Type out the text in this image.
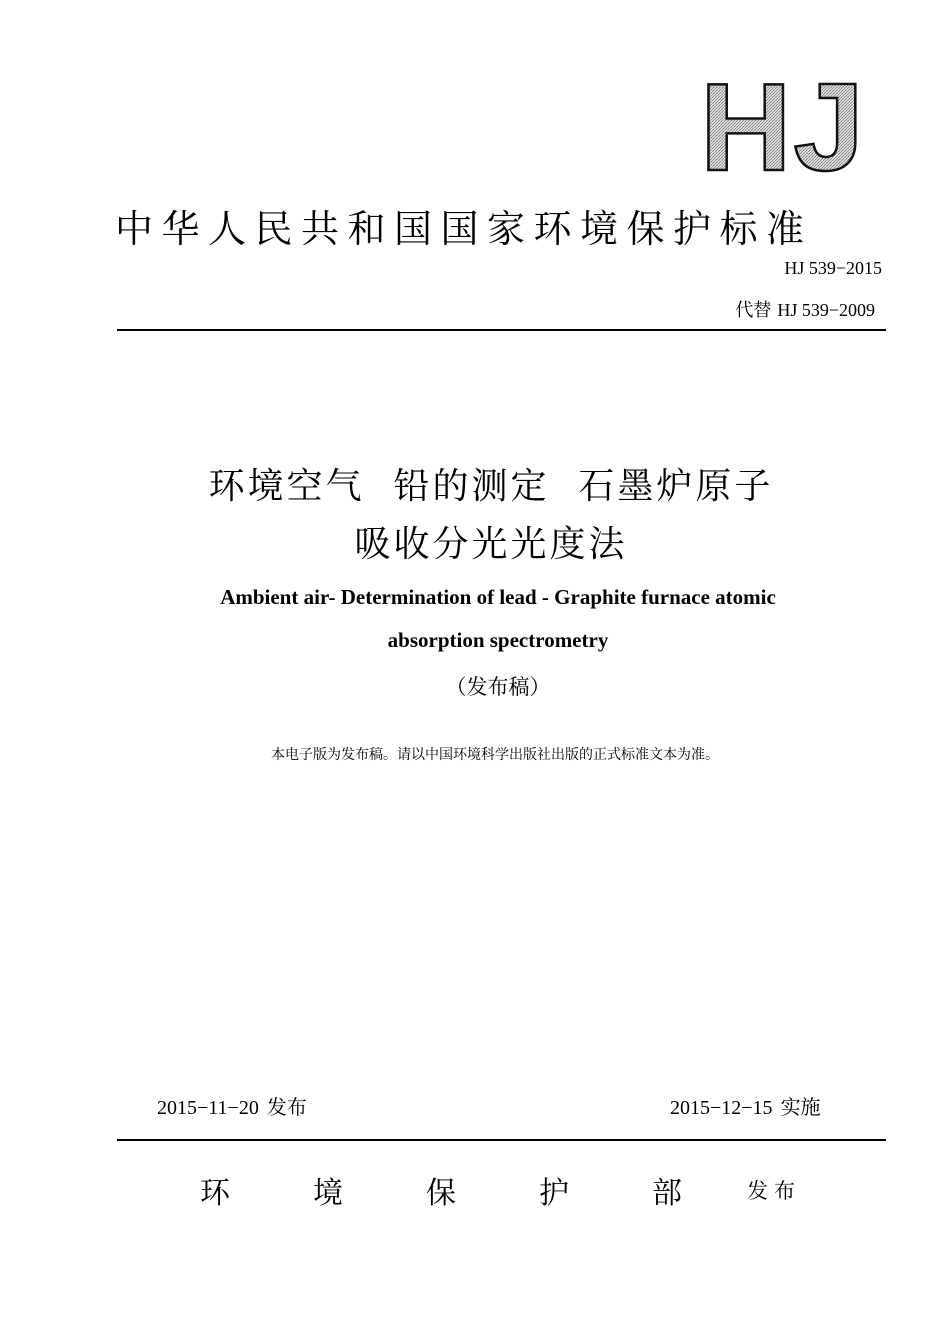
HJ
中华人民共和国国家环境保护标准
HJ 539−2015
代替 HJ 539−2009
环境空气  铅的测定  石墨炉原子
吸收分光光度法
Ambient air- Determination of lead - Graphite furnace atomic
absorption spectrometry
（发布稿）
本电子版为发布稿。请以中国环境科学出版社出版的正式标准文本为准。
2015−11−20 发布	2015−12−15 实施
环	境	保	护	部	发布
